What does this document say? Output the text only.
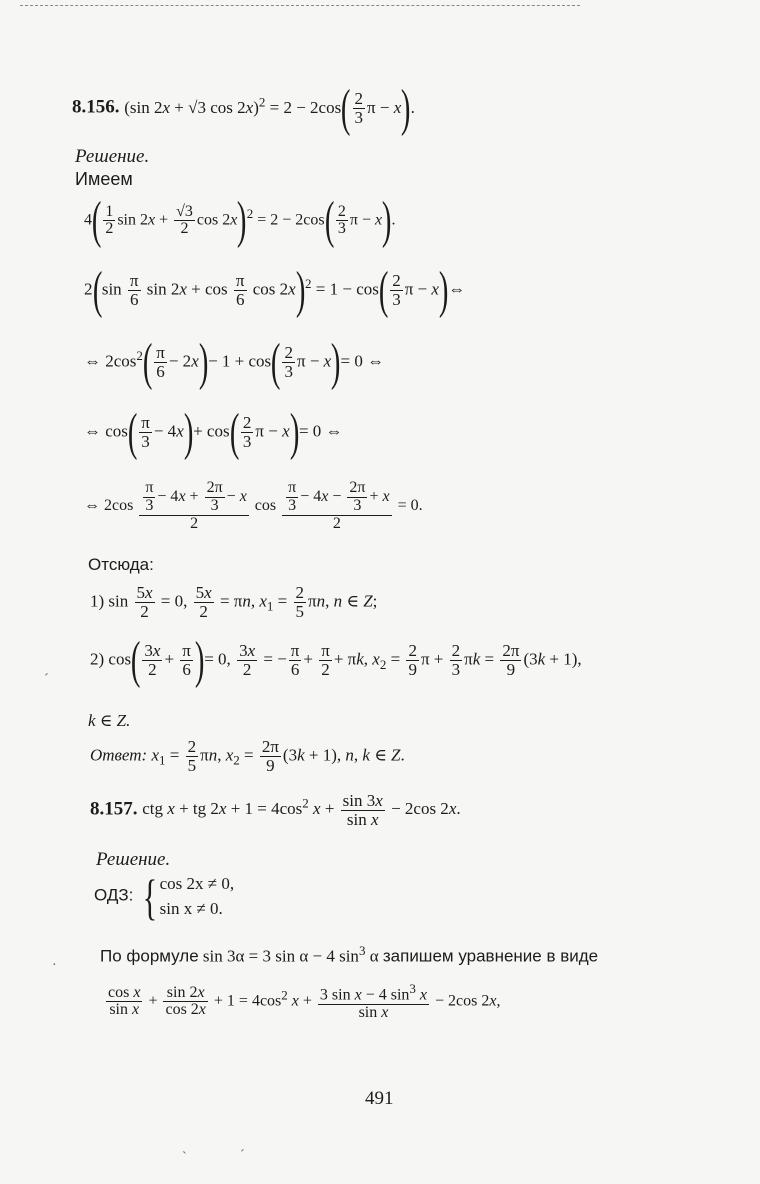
8.156. (sin 2x + √3 $\cos 2x)^2 = 2 - 2\cos( \frac{2}{3}$ π − x).
Решение.
Имеем
$4( \frac{1}{2}$ $\sin 2x + \frac{√3}{2}$ $\cos 2x)^2 = 2 - 2\cos( \frac{2}{3}$ π − x).
$2(\sin \frac{\pi}{6}$ $\sin 2x + \cos \frac{\pi}{6}$ $\cos 2x)^2 = 1 - \cos( \frac{2}{3}$ π − x)⇔
⇔ $2\cos^2( \frac{\pi}{6} - 2x)- 1 + \cos( \frac{2}{3}$ π − x)= 0 ⇔
⇔ $\cos( \frac{\pi}{3} - 4x)+ \cos( \frac{2}{3}$ π − x)= 0 ⇔
⇔ $2\cos \frac{\frac{\pi}{3} - 4x + \frac{2\pi}{3} - x}{2}$ $\cos \frac{\frac{\pi}{3} - 4x - \frac{2\pi}{3} + x}{2} = 0$.
Отсюда:
1) $\sin \frac{5x}{2} = 0$, $\frac{5x}{2} = \pi n$, $x_1 = \frac{2}{5} \pi n$, n ∈ Z;
2) $\cos( \frac{3x}{2} + \frac{\pi}{6}$ )= 0, $\frac{3x}{2}$ = − $\frac{\pi}{6} + \frac{\pi}{2} + \pi k$, $x_2 = \frac{2}{9}$ $\pi + \frac{2}{3}$ $\pi k = \frac{2\pi}{9} (3k + 1)$,
k ∈ Z.
Ответ: $x_1 = \frac{2}{5} \pi n$, $x_2 = \frac{2\pi}{9} (3k + 1)$, n, k ∈ Z.
8.157. ctg x + tg $2x + 1 = 4\cos^2$ $x + \frac{\sin 3x}{\text{sin x}} - 2\cos$ 2x.
Решение.
ОДЗ: { cos 2x ≠ 0,
sin x ≠ 0.
По формуле sin 3α = 3 sin α − 4 $\sin^3 \alpha$ запишем уравнение в виде
$\frac{\text{cos x}}{\text{sin x}} + \frac{\sin 2x}{\cos 2x} + 1 = 4\cos^2$ $x + \frac{3 \sin x - 4 \sin^3 x}{\text{sin x}} - 2\cos$ 2x,
491
ˊ
·
ˋ	ˊ
